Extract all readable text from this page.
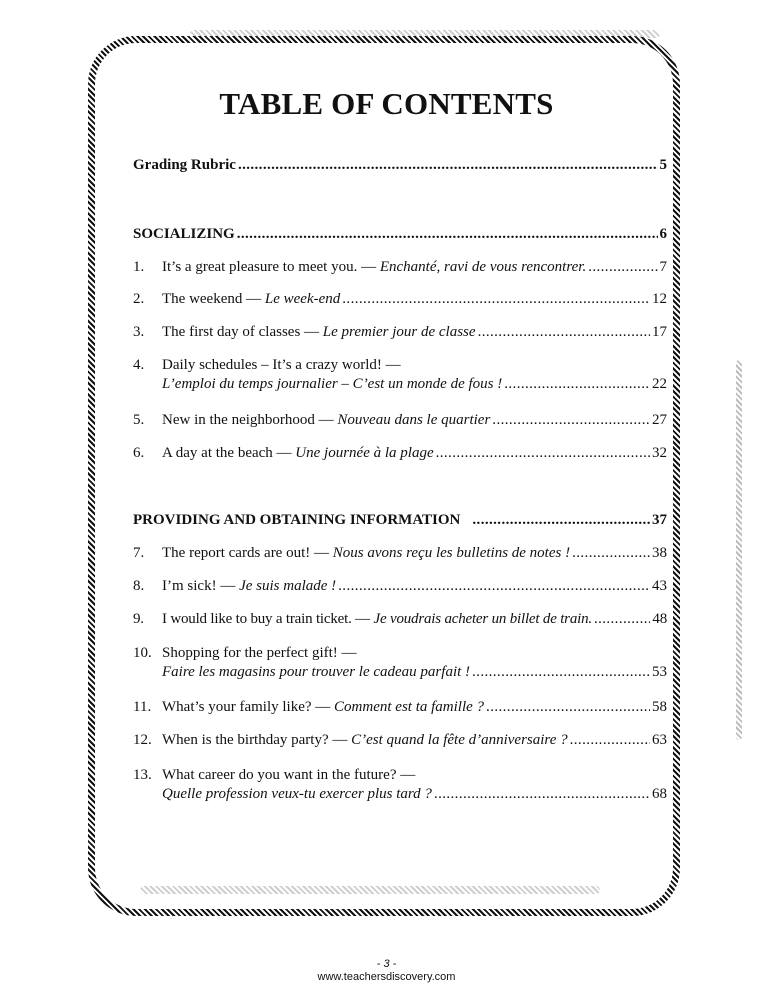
TABLE OF CONTENTS
Grading Rubric .....	5
SOCIALIZING .....	6
1.	It’s a great pleasure to meet you. — Enchanté, ravi de vous rencontrer. .....	7
2.	The weekend — Le week-end .....	12
3.	The first day of classes — Le premier jour de classe .....	17
4.	Daily schedules – It’s a crazy world! —
L’emploi du temps journalier – C’est un monde de fous ! .....	22
5.	New in the neighborhood — Nouveau dans le quartier .....	27
6.	A day at the beach — Une journée à la plage .....	32
PROVIDING AND OBTAINING INFORMATION .....	37
7.	The report cards are out! — Nous avons reçu les bulletins de notes ! .....	38
8.	I’m sick! — Je suis malade ! .....	43
9.	I would like to buy a train ticket. — Je voudrais acheter un billet de train. .....	48
10. Shopping for the perfect gift! —
Faire les magasins pour trouver le cadeau parfait ! .....	53
11. What’s your family like? — Comment est ta famille ? .....	58
12. When is the birthday party? — C’est quand la fête d’anniversaire ? .....	63
13. What career do you want in the future? —
Quelle profession veux-tu exercer plus tard ? .....	68
- 3 -
www.teachersdiscovery.com
